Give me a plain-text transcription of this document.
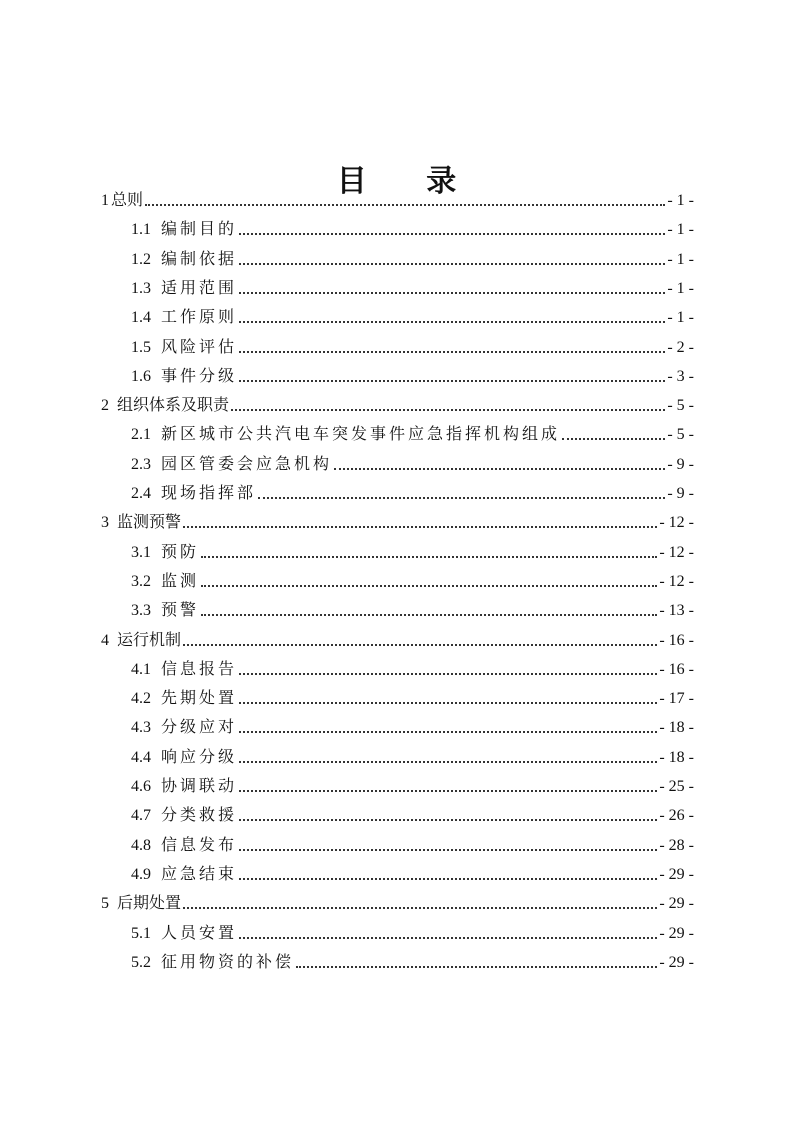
目 录
1 总则	- 1 -
1.1 编制目的	- 1 -
1.2 编制依据	- 1 -
1.3 适用范围	- 1 -
1.4 工作原则	- 1 -
1.5 风险评估	- 2 -
1.6 事件分级	- 3 -
2 组织体系及职责	- 5 -
2.1 新区城市公共汽电车突发事件应急指挥机构组成	- 5 -
2.3 园区管委会应急机构	- 9 -
2.4 现场指挥部	- 9 -
3 监测预警	- 12 -
3.1 预防	- 12 -
3.2 监测	- 12 -
3.3 预警	- 13 -
4 运行机制	- 16 -
4.1 信息报告	- 16 -
4.2 先期处置	- 17 -
4.3 分级应对	- 18 -
4.4 响应分级	- 18 -
4.6 协调联动	- 25 -
4.7 分类救援	- 26 -
4.8 信息发布	- 28 -
4.9 应急结束	- 29 -
5 后期处置	- 29 -
5.1 人员安置	- 29 -
5.2 征用物资的补偿	- 29 -
